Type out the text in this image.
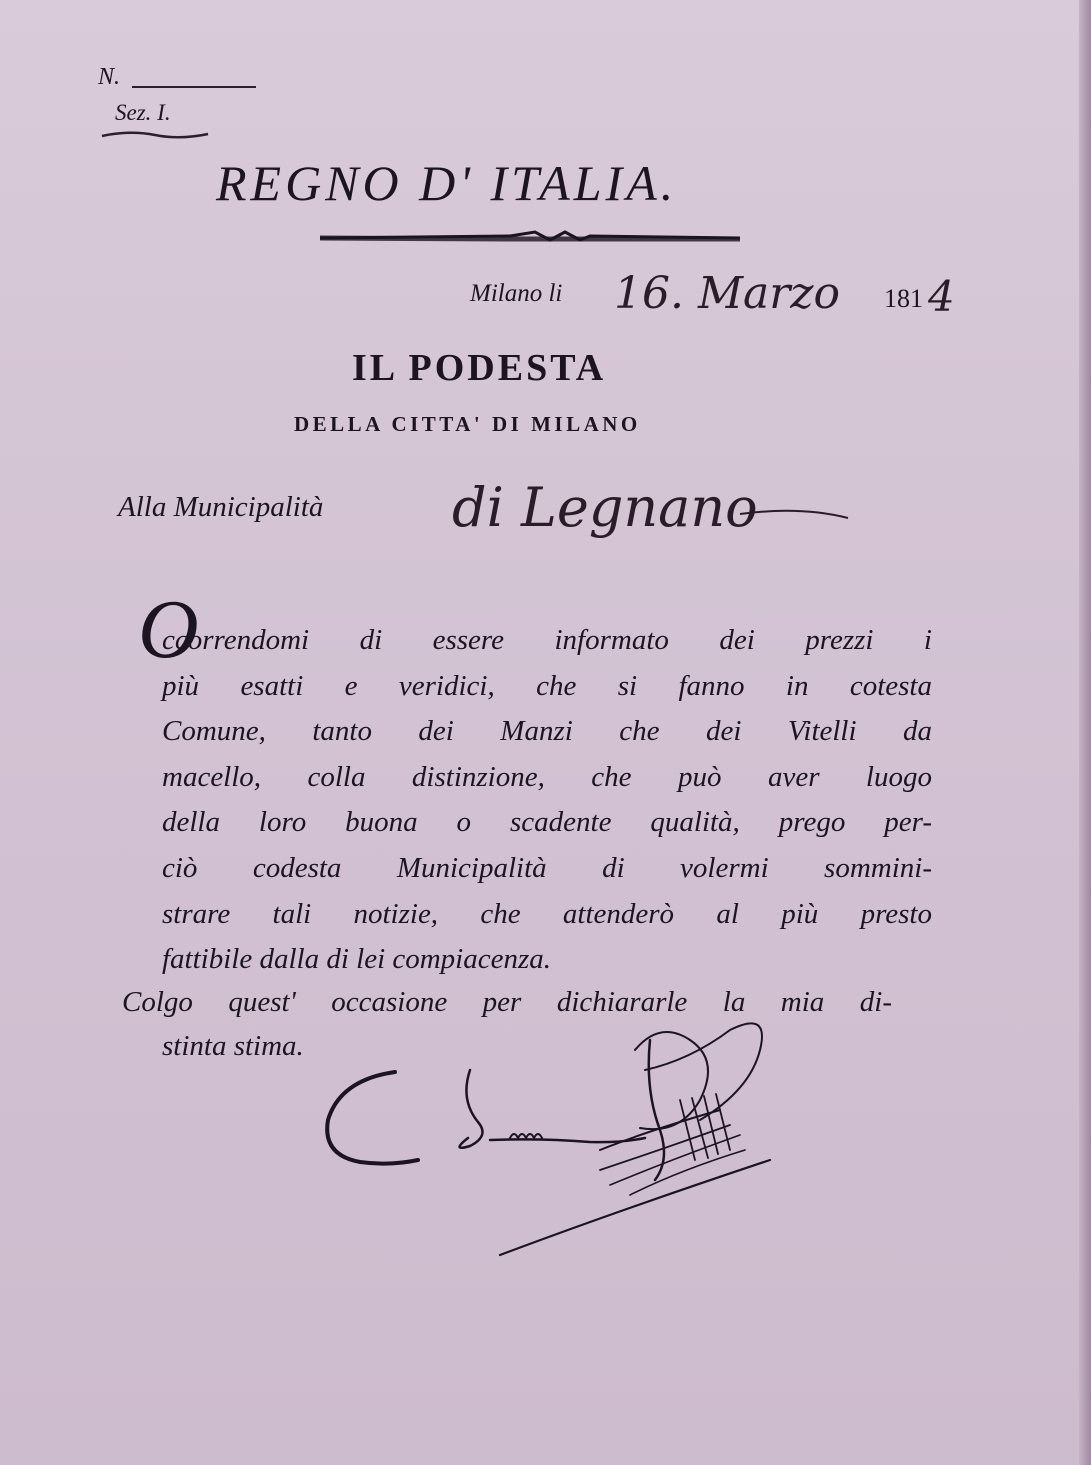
N.
Sez. I.
REGNO D' ITALIA.
Milano li 16. Marzo 181 4
IL PODESTA
DELLA CITTA' DI MILANO
Alla Municipalità di Legnano
O
ccorrendomi di essere informato dei prezzi i
più esatti e veridici, che si fanno in cotesta
Comune, tanto dei Manzi che dei Vitelli da
macello, colla distinzione, che può aver luogo
della loro buona o scadente qualità, prego per-
ciò codesta Municipalità di volermi sommini-
strare tali notizie, che attenderò al più presto
fattibile dalla di lei compiacenza.
Colgo quest' occasione per dichiararle la mia di-
stinta stima.
